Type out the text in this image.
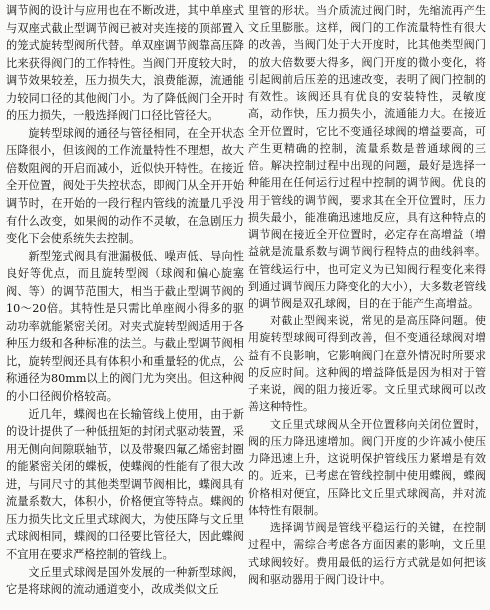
调节阀的设计与应用也在不断改进，其中单座式与双座式截止型调节阀已被对夹连接的顶部置入的笼式旋转型阀所代替。单双座调节阀靠高压降比来获得阀门的工作特性。当阀门开度较大时，调节效果较差，压力损失大，浪费能源，流通能力较同口径的其他阀门小。为了降低阀门全开时的压力损失，一般选择阀门口径比管径大。

旋转型球阀的通径与管径相同，在全开状态压降很小，但该阀的工作流量特性不理想，故大倍数阻阀的开启而减小，近似快开特性。在接近全开位置，阀处于失控状态，即阀门从全开开始调节时，在开始的一段行程内管线的流量几乎没有什么改变，如果阀的动作不灵敏，在急剧压力变化下会使系统失去控制。

新型笼式阀具有泄漏极低、噪声低、导向性良好等优点，而且旋转型阀（球阀和偏心旋塞阀、等）的调节范围大，相当于截止型调节阀的10～20倍。其特性是只需比单座阀小得多的驱动功率就能紧密关闭。对夹式旋转型阀适用于各种压力级和各种标准的法兰。与截止型调节阀相比，旋转型阀还具有体积小和重量轻的优点，公称通径为80mm以上的阀门尤为突出。但这种阀的小口径阀价格较高。

近几年，蝶阀也在长输管线上使用，由于新的设计提供了一种低扭矩的封闭式驱动装置，采用无侧向间隙联轴节，以及带聚四氟乙烯密封圈的能紧密关闭的蝶板，使蝶阀的性能有了很大改进，与同尺寸的其他类型调节阀相比，蝶阀具有流量系数大，体积小，价格便宜等特点。蝶阀的压力损失比文丘里式球阀大，为使压降与文丘里式球阀相同，蝶阀的口径要比管径大，因此蝶阀不宜用在要求严格控制的管线上。

文丘里式球阀是国外发展的一种新型球阀，它是将球阀的流动通道变小，改成类似文丘

里管的形状。当介质流过阀门时，先缩流再产生文丘里膨胀。这样，阀门的工作流量特性有很大的改善，当阀门处于大开度时，比其他类型阀门的放大倍数要大得多，阀门开度的微小变化，将引起阀前后压差的迅速改变，表明了阀门控制的有效性。该阀还具有优良的安装特性，灵敏度高，动作快，压力损失小，流通能力大。在接近全开位置时，它比不变通径球阀的增益要高，可产生更精确的控制，流量系数是普通球阀的三倍。解决控制过程中出现的问题，最好是选择一种能用在任何运行过程中控制的调节阀。优良的用于管线的调节阀，要求其在全开位置时，压力损失最小，能准确迅速地反应，具有这种特点的调节阀在接近全开位置时，必定存在高增益（增益就是流量系数与调节阀行程特点的曲线斜率。在管线运行中，也可定义为已知阀行程变化来得到通过调节阀压力降变化的大小），大多数老管线的调节阀是双孔球阀，目的在于能产生高增益。

对截止型阀来说，常见的是高压降问题。使用旋转型球阀可得到改善，但不变通径球阀对增益有不良影响，它影响阀门在意外情况时所要求的反应时间。这种阀的增益降低是因为相对于管子来说，阀的阻力接近零。文丘里式球阀可以改善这种特性。

文丘里式球阀从全开位置移向关闭位置时，阀的压力降迅速增加。阀门开度的少许减小使压力降迅速上升，这说明保护管线压力紧增是有效的。近来，已考虑在管线控制中使用蝶阀，蝶阀价格相对便宜，压降比文丘里式球阀高，并对流体特性有限制。

选择调节阀是管线平稳运行的关键，在控制过程中，需综合考虑各方面因素的影响，文丘里式球阀较好。费用最低的运行方式就是如何把该阀和驱动器用于阀门设计中。
